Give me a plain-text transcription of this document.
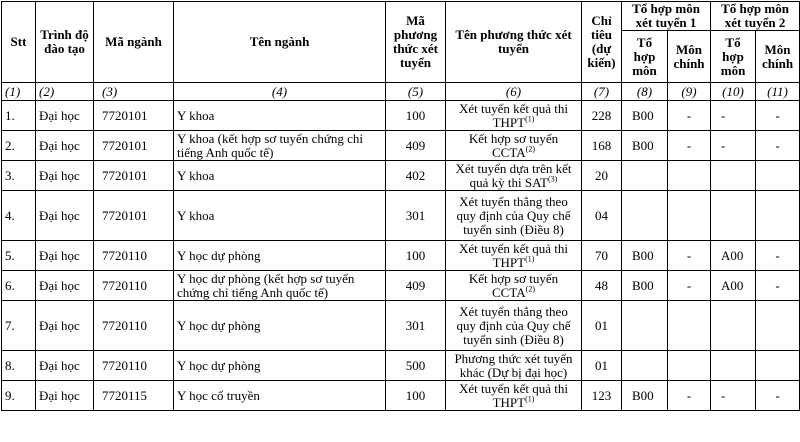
Stt	Trình độ đào tạo	Mã ngành	Tên ngành	Mã phương thức xét tuyển	Tên phương thức xét tuyển	Chỉ tiêu (dự kiến)	Tổ hợp môn xét tuyển 1		Tổ hợp môn xét tuyển 2	
							Tổ hợp môn	Môn chính	Tổ hợp môn	Môn chính
(1)	(2)	(3)	(4)	(5)	(6)	(7)	(8)	(9)	(10)	(11)
1.	Đại học	7720101	Y khoa	100	Xét tuyển kết quả thi THPT$^{(1)}$	228	B00	-	-	-
2.	Đại học	7720101	Y khoa (kết hợp sơ tuyển chứng chỉ tiếng Anh quốc tế)	409	Kết hợp sơ tuyển CCTA$^{(2)}$	168	B00	-	-	-
3.	Đại học	7720101	Y khoa	402	Xét tuyển dựa trên kết quả kỳ thi SAT$^{(3)}$	20				
4.	Đại học	7720101	Y khoa	301	Xét tuyển thẳng theo quy định của Quy chế tuyển sinh (Điều 8)	04				
5.	Đại học	7720110	Y học dự phòng	100	Xét tuyển kết quả thi THPT$^{(1)}$	70	B00	-	A00	-
6.	Đại học	7720110	Y học dự phòng (kết hợp sơ tuyển chứng chỉ tiếng Anh quốc tế)	409	Kết hợp sơ tuyển CCTA$^{(2)}$	48	B00	-	A00	-
7.	Đại học	7720110	Y học dự phòng	301	Xét tuyển thẳng theo quy định của Quy chế tuyển sinh (Điều 8)	01				
8.	Đại học	7720110	Y học dự phòng	500	Phương thức xét tuyển khác (Dự bị đại học)	01				
9.	Đại học	7720115	Y học cổ truyền	100	Xét tuyển kết quả thi THPT$^{(1)}$	123	B00	-	-	-
